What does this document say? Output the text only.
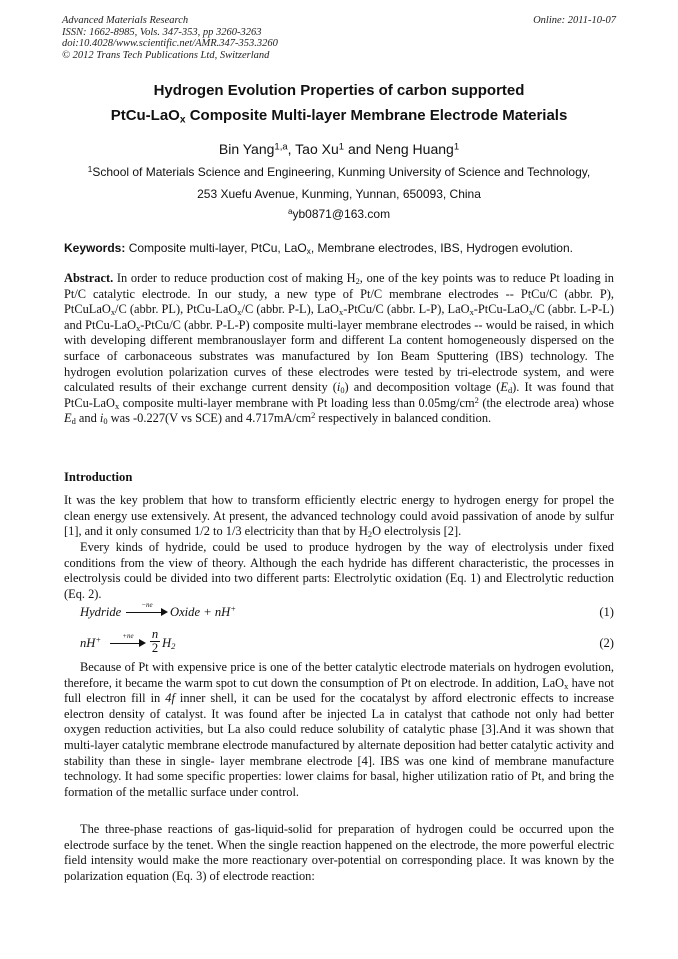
Advanced Materials Research
ISSN: 1662-8985, Vols. 347-353, pp 3260-3263
doi:10.4028/www.scientific.net/AMR.347-353.3260
© 2012 Trans Tech Publications Ltd, Switzerland
Online: 2011-10-07
Hydrogen Evolution Properties of carbon supported
PtCu-LaO$_x$ Composite Multi-layer Membrane Electrode Materials
Bin Yang$^{1,a}$, Tao Xu$^1$ and Neng Huang$^1$
$^1$School of Materials Science and Engineering, Kunming University of Science and Technology,
253 Xuefu Avenue, Kunming, Yunnan, 650093, China
$^a$yb0871@163.com
Keywords: Composite multi-layer, PtCu, LaO$_x$, Membrane electrodes, IBS, Hydrogen evolution.
Abstract. In order to reduce production cost of making $H_2$, one of the key points was to reduce Pt loading in Pt/C catalytic electrode. In our study, a new type of Pt/C membrane electrodes -- PtCu/C (abbr. P), PtCuLaO$_x$/C (abbr. PL), PtCu-LaO$_x$/C (abbr. P-L), LaO$_x$-PtCu/C (abbr. L-P), LaO$_x$-PtCu-LaO$_x$/C (abbr. L-P-L) and PtCu-LaO$_x$-PtCu/C (abbr. P-L-P) composite multi-layer membrane electrodes -- would be raised, in which with developing different membranouslayer form and different La content homogeneously dispersed on the surface of carbonaceous substrates was manufactured by Ion Beam Sputtering (IBS) technology. The hydrogen evolution polarization curves of these electrodes were tested by tri-electrode system, and were calculated results of their exchange current density $(i_0)$ and decomposition voltage $(E_d)$. It was found that PtCu-LaO$_x$ composite multi-layer membrane with Pt loading less than $0.05mg/cm^2$ (the electrode area) whose $E_d$ and $i_0$ was -0.227(V vs SCE) and $4.717mA/cm^2$ respectively in balanced condition.
Introduction
It was the key problem that how to transform efficiently electric energy to hydrogen energy for propel the clean energy use extensively. At present, the advanced technology could avoid passivation of anode by sulfur [1], and it only consumed 1/2 to 1/3 electricity than that by $H_2O$ electrolysis [2].
Every kinds of hydride, could be used to produce hydrogen by the way of electrolysis under fixed conditions from the view of theory. Although the each hydride has different characteristic, the processes in electrolysis could be divided into two different parts: Electrolytic oxidation (Eq. 1) and Electrolytic reduction (Eq. 2).
Hydride	−ne	Oxide + nH+	(1)
nH+	+ne	n
2 $H_2$	(2)
Because of Pt with expensive price is one of the better catalytic electrode materials on hydrogen evolution, therefore, it became the warm spot to cut down the consumption of Pt on electrode. In addition, LaO$_x$ have not full electron fill in 4f inner shell, it can be used for the cocatalyst by afford electronic effects to increase electron density of catalyst. It was found after be injected La in catalyst that cathode not only had better oxygen reduction activities, but La also could reduce solubility of catalytic phase [3].And it was shown that multi-layer catalytic membrane electrode manufactured by alternate deposition had better catalytic activity and stability than these in single- layer membrane electrode [4]. IBS was one kind of membrane manufacture technology. It had some specific properties: lower claims for basal, higher utilization ratio of Pt, and bring the formation of the metallic surface under control.
The three-phase reactions of gas-liquid-solid for preparation of hydrogen could be occurred upon the electrode surface by the tenet. When the single reaction happened on the electrode, the more powerful electric field intensity would make the more reactionary over-potential on corresponding place. It was known by the polarization equation (Eq. 3) of electrode reaction:
